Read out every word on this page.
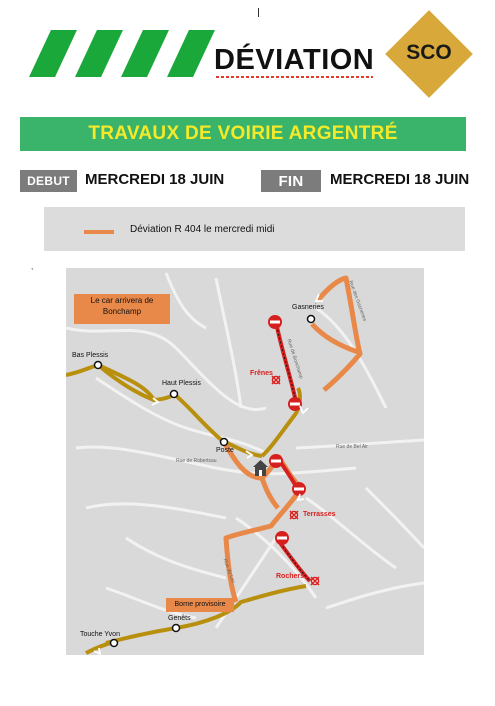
DÉVIATION	SCO
TRAVAUX DE VOIRIE ARGENTRÉ
DEBUT	MERCREDI 18 JUIN	FIN	MERCREDI 18 JUIN
Déviation R 404 le mercredi midi
,
Le car arrivera de Bonchamp
Borne provisoire
Gasneries
Bas Plessis
Haut Plessis
Poste
Touche Yvon
Genêts
Frênes
Terrasses
Rochers
Rue de Bonchamp
Rue des Gasneries
Rue de Bel Air
Rue de Robertsau
Rue du Lac
